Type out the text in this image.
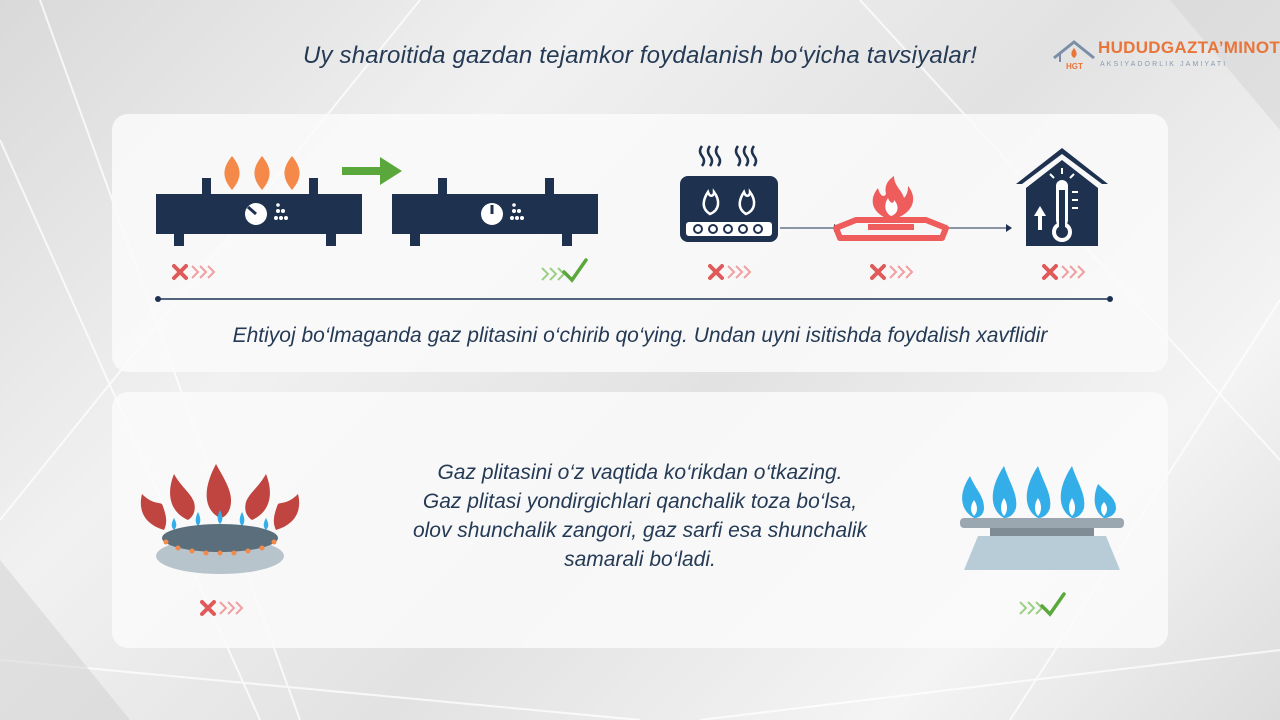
Uy sharoitida gazdan tejamkor foydalanish bo‘yicha tavsiyalar!	HGT
HUDUDGAZTA’MINOT
AKSIYADORLIK JAMIYATI
Ehtiyoj bo‘lmaganda gaz plitasini o‘chirib qo‘ying. Undan uyni isitishda foydalish xavflidir
Gaz plitasini o‘z vaqtida ko‘rikdan o‘tkazing.
Gaz plitasi yondirgichlari qanchalik toza bo‘lsa,
olov shunchalik zangori, gaz sarfi esa shunchalik
samarali bo‘ladi.
